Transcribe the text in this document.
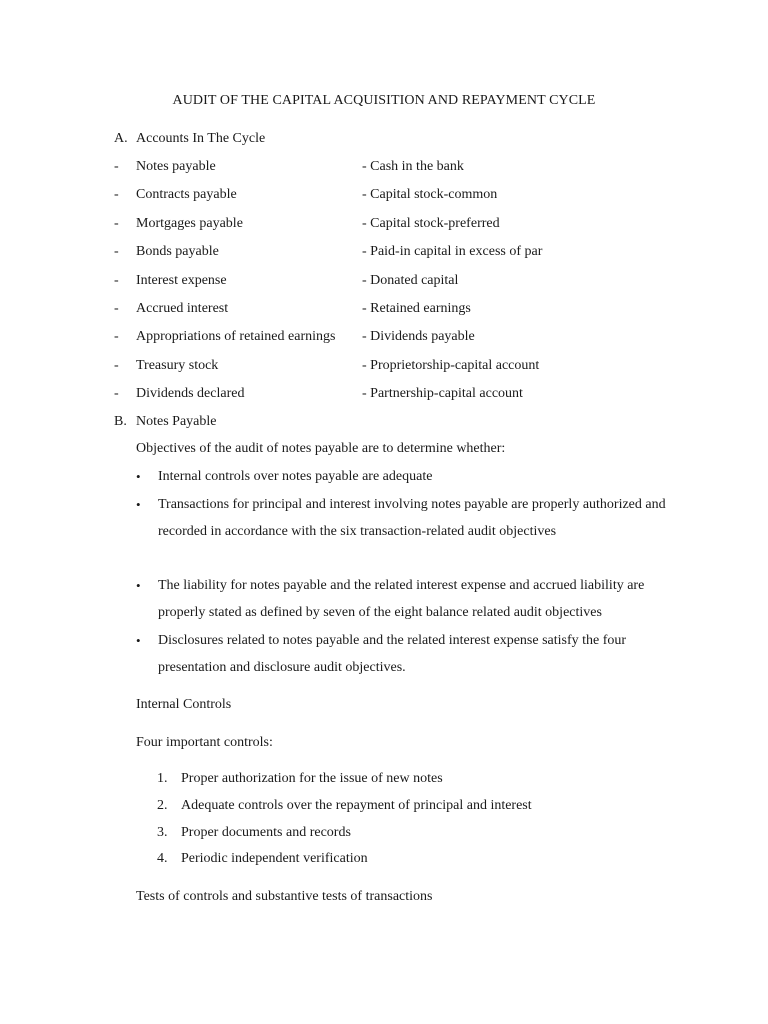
AUDIT OF THE CAPITAL ACQUISITION AND REPAYMENT CYCLE
A. Accounts In The Cycle
- Notes payable	- Cash in the bank
- Contracts payable	- Capital stock-common
- Mortgages payable	- Capital stock-preferred
- Bonds payable	- Paid-in capital in excess of par
- Interest expense	- Donated capital
- Accrued interest	- Retained earnings
- Appropriations of retained earnings - Dividends payable
- Treasury stock	- Proprietorship-capital account
- Dividends declared	- Partnership-capital account
B. Notes Payable
Objectives of the audit of notes payable are to determine whether:
• Internal controls over notes payable are adequate
• Transactions for principal and interest involving notes payable are properly authorized and recorded in accordance with the six transaction-related audit objectives
• The liability for notes payable and the related interest expense and accrued liability are properly stated as defined by seven of the eight balance related audit objectives
• Disclosures related to notes payable and the related interest expense satisfy the four presentation and disclosure audit objectives.
Internal Controls
Four important controls:
1. Proper authorization for the issue of new notes
2. Adequate controls over the repayment of principal and interest
3. Proper documents and records
4. Periodic independent verification
Tests of controls and substantive tests of transactions
